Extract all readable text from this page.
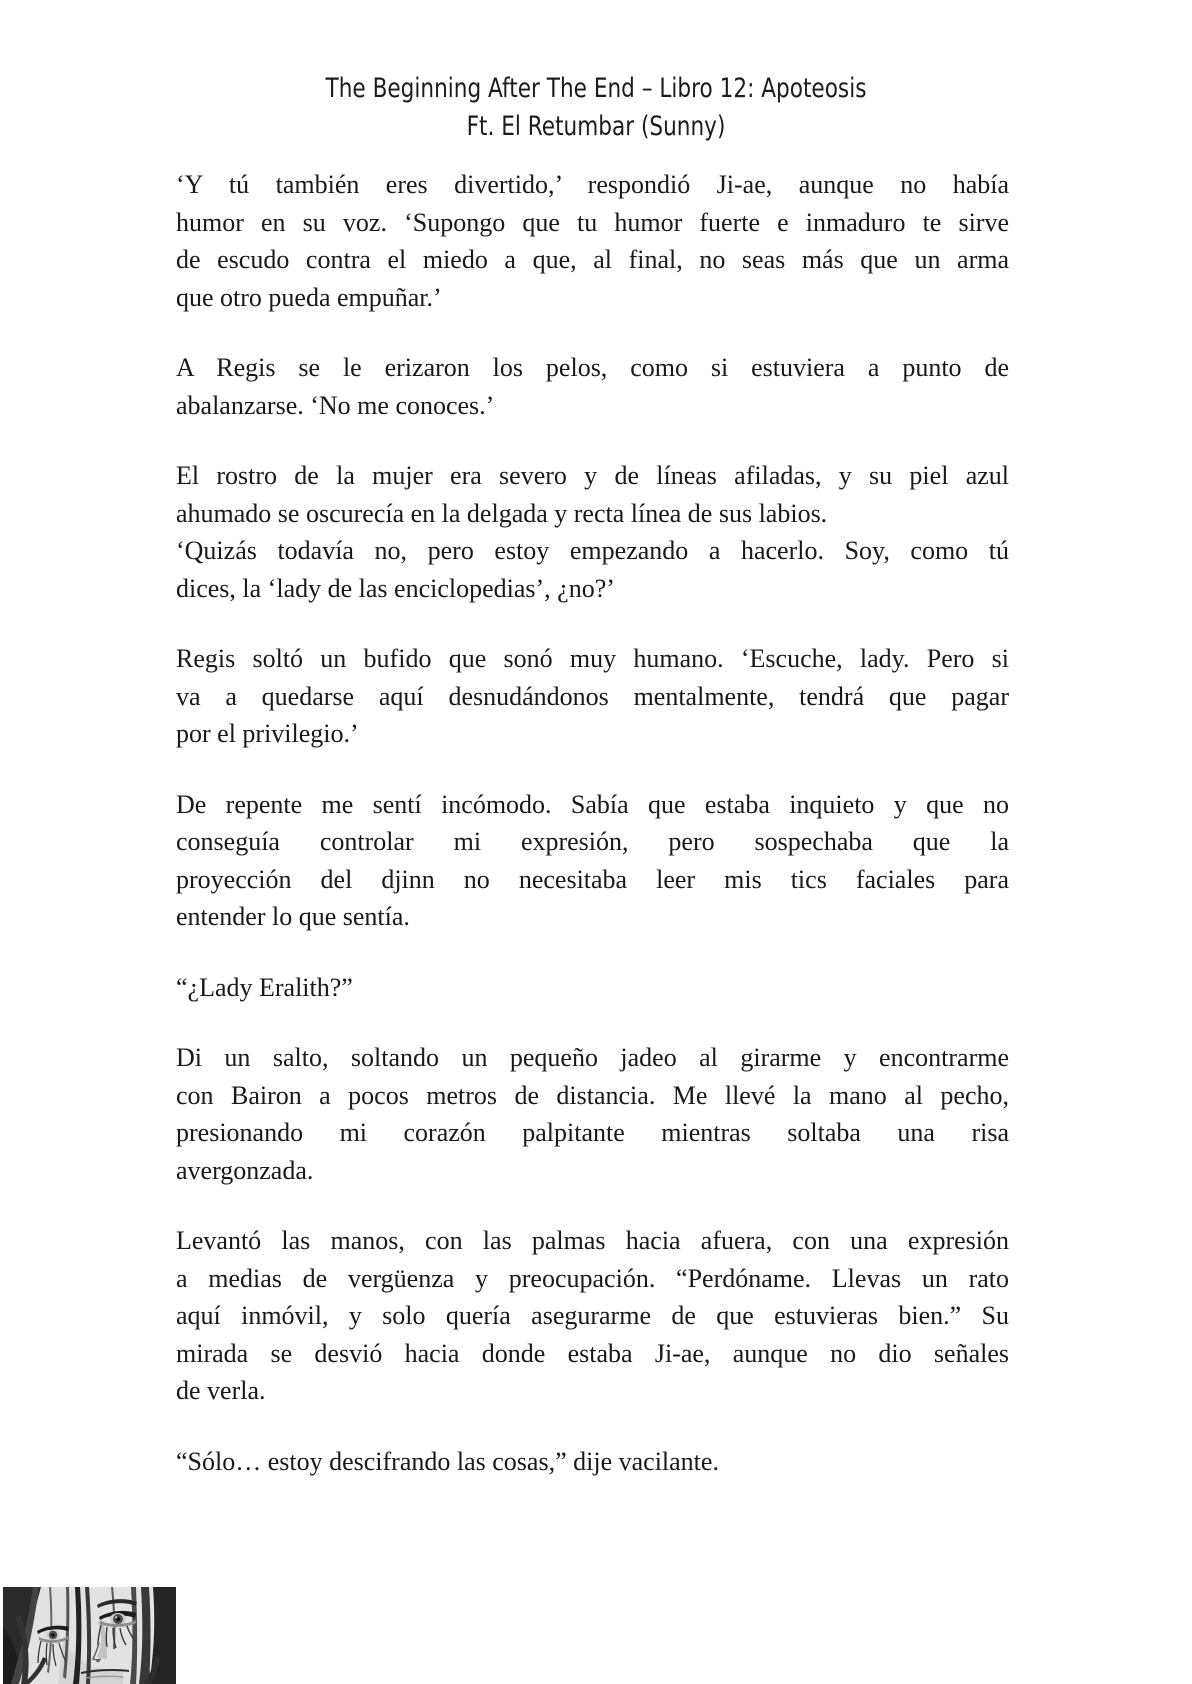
The Beginning After The End – Libro 12: Apoteosis
Ft. El Retumbar (Sunny)
‘Y tú también eres divertido,’ respondió Ji-ae, aunque no había
humor en su voz. ‘Supongo que tu humor fuerte e inmaduro te sirve
de escudo contra el miedo a que, al final, no seas más que un arma
que otro pueda empuñar.’
A Regis se le erizaron los pelos, como si estuviera a punto de
abalanzarse. ‘No me conoces.’
El rostro de la mujer era severo y de líneas afiladas, y su piel azul
ahumado se oscurecía en la delgada y recta línea de sus labios.
‘Quizás todavía no, pero estoy empezando a hacerlo. Soy, como tú
dices, la ‘lady de las enciclopedias’, ¿no?’
Regis soltó un bufido que sonó muy humano. ‘Escuche, lady. Pero si
va a quedarse aquí desnudándonos mentalmente, tendrá que pagar
por el privilegio.’
De repente me sentí incómodo. Sabía que estaba inquieto y que no
conseguía controlar mi expresión, pero sospechaba que la
proyección del djinn no necesitaba leer mis tics faciales para
entender lo que sentía.
“¿Lady Eralith?”
Di un salto, soltando un pequeño jadeo al girarme y encontrarme
con Bairon a pocos metros de distancia. Me llevé la mano al pecho,
presionando mi corazón palpitante mientras soltaba una risa
avergonzada.
Levantó las manos, con las palmas hacia afuera, con una expresión
a medias de vergüenza y preocupación. “Perdóname. Llevas un rato
aquí inmóvil, y solo quería asegurarme de que estuvieras bien.” Su
mirada se desvió hacia donde estaba Ji-ae, aunque no dio señales
de verla.
“Sólo… estoy descifrando las cosas,” dije vacilante.
